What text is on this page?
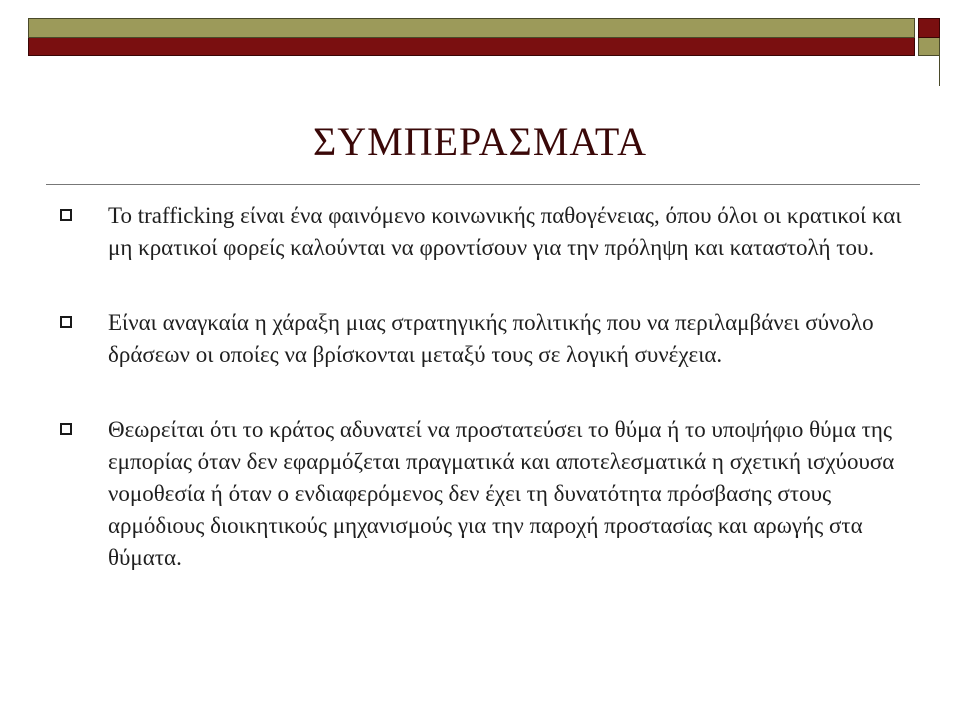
ΣΥΜΠΕΡΑΣΜΑΤΑ
Το trafficking είναι ένα φαινόμενο κοινωνικής παθογένειας, όπου όλοι οι κρατικοί και μη κρατικοί φορείς καλούνται να φροντίσουν για την πρόληψη και καταστολή του.
Είναι αναγκαία η χάραξη μιας στρατηγικής πολιτικής που να περιλαμβάνει σύνολο δράσεων οι οποίες να βρίσκονται μεταξύ τους σε λογική συνέχεια.
Θεωρείται ότι το κράτος αδυνατεί να προστατεύσει το θύμα ή το υποψήφιο θύμα της εμπορίας όταν δεν εφαρμόζεται πραγματικά και αποτελεσματικά η σχετική ισχύουσα νομοθεσία ή όταν ο ενδιαφερόμενος δεν έχει τη δυνατότητα πρόσβασης στους αρμόδιους διοικητικούς μηχανισμούς για την παροχή προστασίας και αρωγής στα θύματα.
